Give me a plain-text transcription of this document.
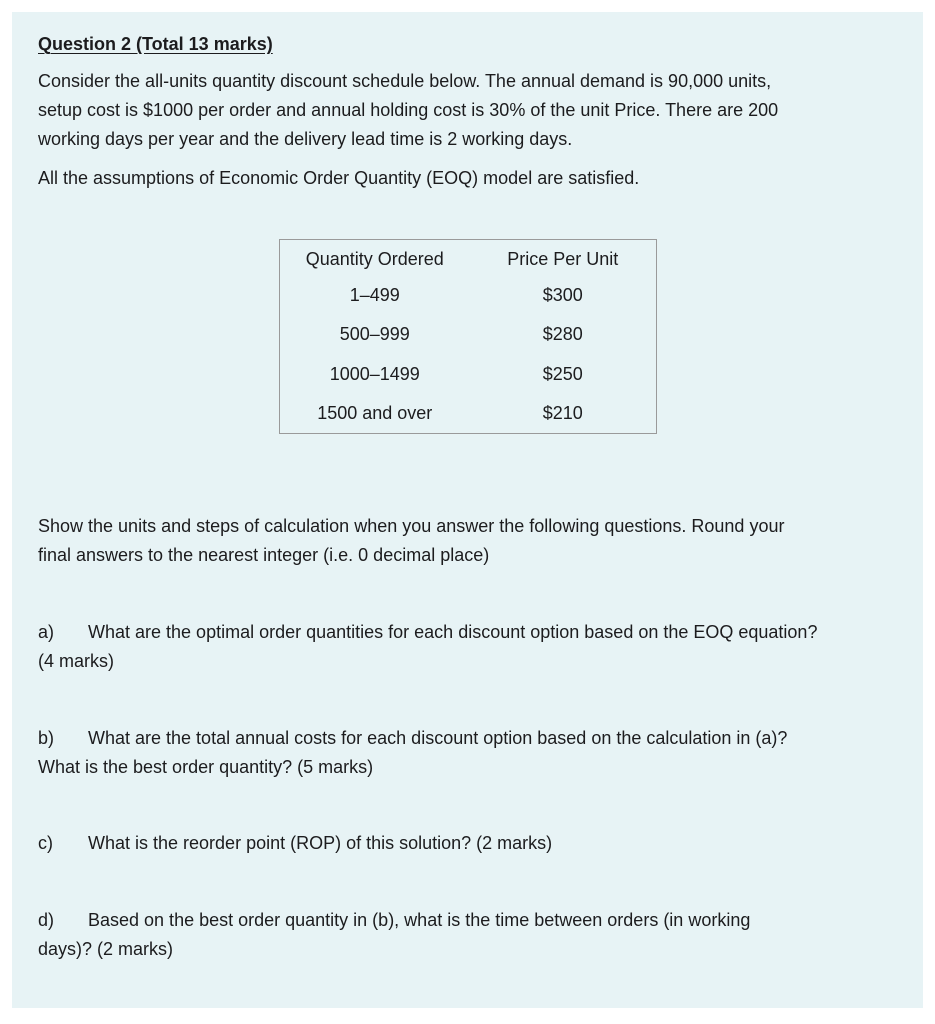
Question 2 (Total 13 marks)
Consider the all-units quantity discount schedule below. The annual demand is 90,000 units,
setup cost is $1000 per order and annual holding cost is 30% of the unit Price. There are 200
working days per year and the delivery lead time is 2 working days.
All the assumptions of Economic Order Quantity (EOQ) model are satisfied.
Quantity Ordered	Price Per Unit
1–499	$300
500–999	$280
1000–1499	$250
1500 and over	$210
Show the units and steps of calculation when you answer the following questions. Round your
final answers to the nearest integer (i.e. 0 decimal place)
a) What are the optimal order quantities for each discount option based on the EOQ equation?
(4 marks)
b) What are the total annual costs for each discount option based on the calculation in (a)?
What is the best order quantity? (5 marks)
c) What is the reorder point (ROP) of this solution? (2 marks)
d) Based on the best order quantity in (b), what is the time between orders (in working
days)? (2 marks)
